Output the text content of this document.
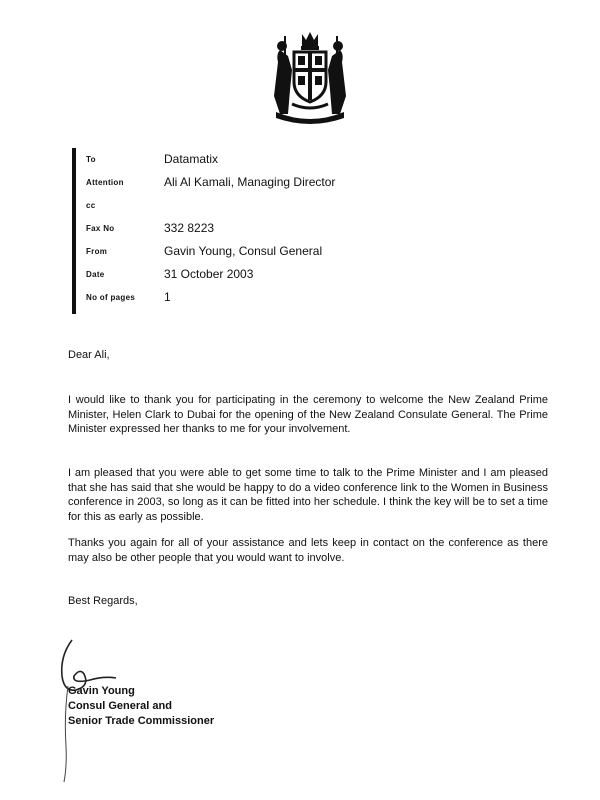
To	Datamatix
Attention	Ali Al Kamali, Managing Director
cc
Fax No	332 8223
From	Gavin Young, Consul General
Date	31 October 2003
No of pages 1
Dear Ali,

I would like to thank you for participating in the ceremony to welcome the New Zealand Prime Minister, Helen Clark to Dubai for the opening of the New Zealand Consulate General. The Prime Minister expressed her thanks to me for your involvement.

I am pleased that you were able to get some time to talk to the Prime Minister and I am pleased that she has said that she would be happy to do a video conference link to the Women in Business conference in 2003, so long as it can be fitted into her schedule. I think the key will be to set a time for this as early as possible.

Thanks you again for all of your assistance and lets keep in contact on the conference as there may also be other people that you would want to involve.

Best Regards,
Gavin Young
Consul General and
Senior Trade Commissioner
